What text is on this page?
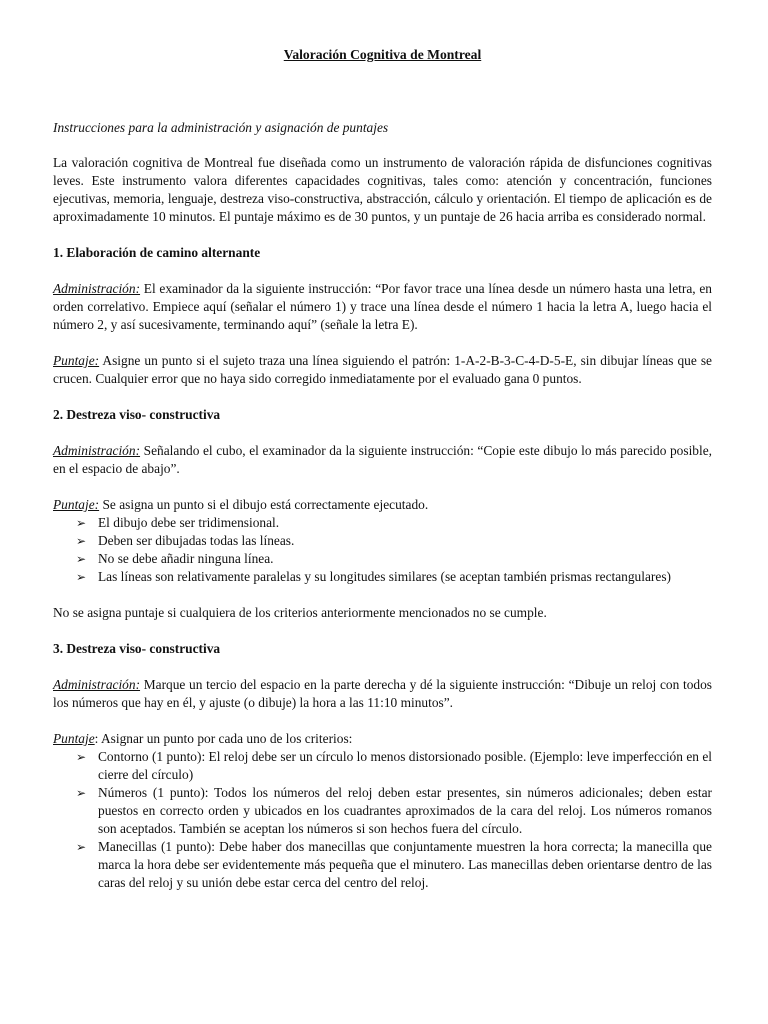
Valoración Cognitiva de Montreal

Instrucciones para la administración y asignación de puntajes

La valoración cognitiva de Montreal fue diseñada como un instrumento de valoración rápida de disfunciones cognitivas leves. Este instrumento valora diferentes capacidades cognitivas, tales como: atención y concentración, funciones ejecutivas, memoria, lenguaje, destreza viso-constructiva, abstracción, cálculo y orientación. El tiempo de aplicación es de aproximadamente 10 minutos. El puntaje máximo es de 30 puntos, y un puntaje de 26 hacia arriba es considerado normal.

1. Elaboración de camino alternante

Administración: El examinador da la siguiente instrucción: “Por favor trace una línea desde un número hasta una letra, en orden correlativo. Empiece aquí (señalar el número 1) y trace una línea desde el número 1 hacia la letra A, luego hacia el número 2, y así sucesivamente, terminando aquí” (señale la letra E).

Puntaje: Asigne un punto si el sujeto traza una línea siguiendo el patrón: 1-A-2-B-3-C-4-D-5-E, sin dibujar líneas que se crucen. Cualquier error que no haya sido corregido inmediatamente por el evaluado gana 0 puntos.

2. Destreza viso- constructiva

Administración: Señalando el cubo, el examinador da la siguiente instrucción: “Copie este dibujo lo más parecido posible, en el espacio de abajo”.

Puntaje: Se asigna un punto si el dibujo está correctamente ejecutado.

➢ El dibujo debe ser tridimensional.
➢ Deben ser dibujadas todas las líneas.
➢ No se debe añadir ninguna línea.
➢ Las líneas son relativamente paralelas y su longitudes similares (se aceptan también prismas rectangulares)

No se asigna puntaje si cualquiera de los criterios anteriormente mencionados no se cumple.

3. Destreza viso- constructiva

Administración: Marque un tercio del espacio en la parte derecha y dé la siguiente instrucción: “Dibuje un reloj con todos los números que hay en él, y ajuste (o dibuje) la hora a las 11:10 minutos”.

Puntaje: Asignar un punto por cada uno de los criterios:

➢ Contorno (1 punto): El reloj debe ser un círculo lo menos distorsionado posible. (Ejemplo: leve imperfección en el cierre del círculo)
➢ Números (1 punto): Todos los números del reloj deben estar presentes, sin números adicionales; deben estar puestos en correcto orden y ubicados en los cuadrantes aproximados de la cara del reloj. Los números romanos son aceptados. También se aceptan los números si son hechos fuera del círculo.
➢ Manecillas (1 punto): Debe haber dos manecillas que conjuntamente muestren la hora correcta; la manecilla que marca la hora debe ser evidentemente más pequeña que el minutero. Las manecillas deben orientarse dentro de las caras del reloj y su unión debe estar cerca del centro del reloj.
